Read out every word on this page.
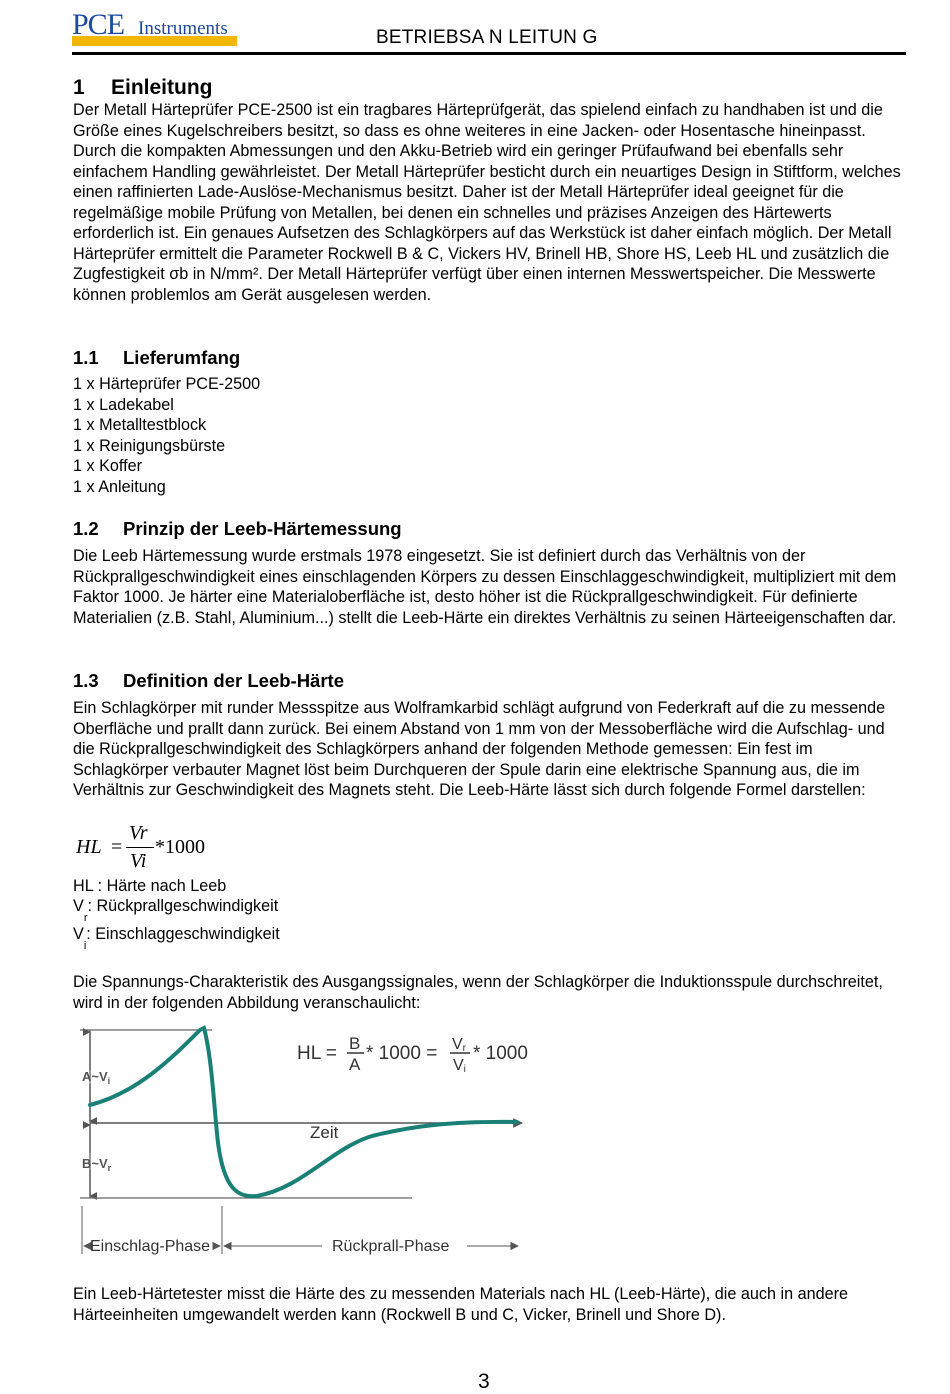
PCE Instruments	BETRIEBSA N LEITUN G
1 Einleitung

Der Metall Härteprüfer PCE-2500 ist ein tragbares Härteprüfgerät, das spielend einfach zu handhaben ist und die Größe eines Kugelschreibers besitzt, so dass es ohne weiteres in eine Jacken- oder Hosentasche hineinpasst. Durch die kompakten Abmessungen und den Akku-Betrieb wird ein geringer Prüfaufwand bei ebenfalls sehr einfachem Handling gewährleistet. Der Metall Härteprüfer besticht durch ein neuartiges Design in Stiftform, welches einen raffinierten Lade-Auslöse-Mechanismus besitzt. Daher ist der Metall Härteprüfer ideal geeignet für die regelmäßige mobile Prüfung von Metallen, bei denen ein schnelles und präzises Anzeigen des Härtewerts erforderlich ist. Ein genaues Aufsetzen des Schlagkörpers auf das Werkstück ist daher einfach möglich. Der Metall Härteprüfer ermittelt die Parameter Rockwell B & C, Vickers HV, Brinell HB, Shore HS, Leeb HL und zusätzlich die Zugfestigkeit σb in N/mm². Der Metall Härteprüfer verfügt über einen internen Messwertspeicher. Die Messwerte können problemlos am Gerät ausgelesen werden.

1.1 Lieferumfang
1 x Härteprüfer PCE-2500
1 x Ladekabel
1 x Metalltestblock
1 x Reinigungsbürste
1 x Koffer
1 x Anleitung
1.2 Prinzip der Leeb-Härtemessung

Die Leeb Härtemessung wurde erstmals 1978 eingesetzt. Sie ist definiert durch das Verhältnis von der Rückprallgeschwindigkeit eines einschlagenden Körpers zu dessen Einschlaggeschwindigkeit, multipliziert mit dem Faktor 1000. Je härter eine Materialoberfläche ist, desto höher ist die Rückprallgeschwindigkeit. Für definierte Materialien (z.B. Stahl, Aluminium...) stellt die Leeb-Härte ein direktes Verhältnis zu seinen Härteeigenschaften dar.

1.3 Definition der Leeb-Härte

Ein Schlagkörper mit runder Messspitze aus Wolframkarbid schlägt aufgrund von Federkraft auf die zu messende Oberfläche und prallt dann zurück. Bei einem Abstand von 1 mm von der Messoberfläche wird die Aufschlag- und die Rückprallgeschwindigkeit des Schlagkörpers anhand der folgenden Methode gemessen: Ein fest im Schlagkörper verbauter Magnet löst beim Durchqueren der Spule darin eine elektrische Spannung aus, die im Verhältnis zur Geschwindigkeit des Magnets steht. Die Leeb-Härte lässt sich durch folgende Formel darstellen:

HL =
Vr
Vi
*1000
HL : Härte nach Leeb
$V_r$: Rückprallgeschwindigkeit
$V_i$: Einschlaggeschwindigkeit

Die Spannungs-Charakteristik des Ausgangssignales, wenn der Schlagkörper die Induktionsspule durchschreitet, wird in der folgenden Abbildung veranschaulicht:

$A\sim V_i$
$B\sim V_r$
Zeit
HL = B
A
* 1000 = Vr
Vi
* 1000
Einschlag-Phase	Rückprall-Phase

Ein Leeb-Härtetester misst die Härte des zu messenden Materials nach HL (Leeb-Härte), die auch in andere Härteeinheiten umgewandelt werden kann (Rockwell B und C, Vicker, Brinell und Shore D).

3
